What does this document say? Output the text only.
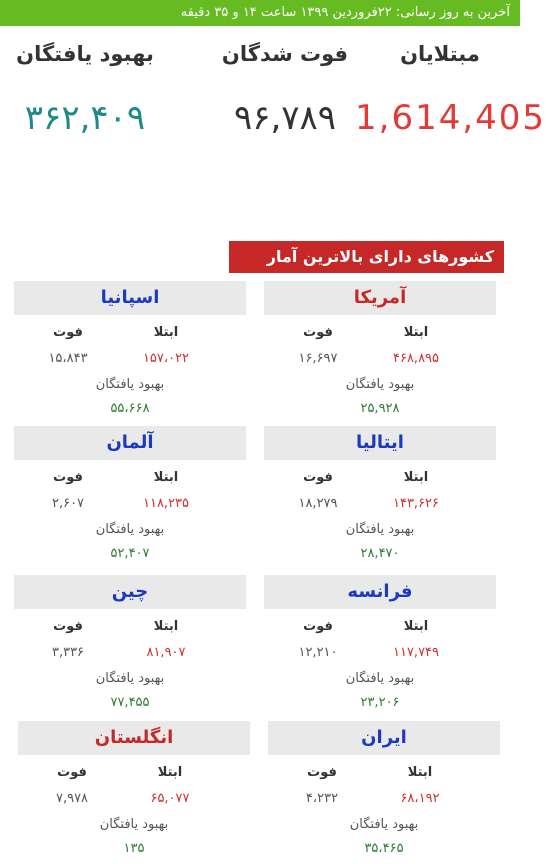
آخرین به روز رسانی: ۲۲فروردین ۱۳۹۹ ساعت ۱۴ و ۳۵ دقیقه
مبتلایان
1,614,405
فوت شدگان
۹۶,۷۸۹
بهبود یافتگان
۳۶۲,۴۰۹
کشورهای دارای بالاترین آمار
آمریکا
ابتلا
فوت
۴۶۸,۸۹۵
۱۶,۶۹۷
بهبود یافتگان
۲۵,۹۲۸
اسپانیا
ابتلا
فوت
۱۵۷،۰۲۲
۱۵،۸۴۳
بهبود یافتگان
۵۵،۶۶۸
ایتالیا
ابتلا
فوت
۱۴۳,۶۲۶
۱۸,۲۷۹
بهبود یافتگان
۲۸,۴۷۰
آلمان
ابتلا
فوت
۱۱۸,۲۳۵
۲,۶۰۷
بهبود یافتگان
۵۲,۴۰۷
فرانسه
ابتلا
فوت
۱۱۷,۷۴۹
۱۲,۲۱۰
بهبود یافتگان
۲۳,۲۰۶
چین
ابتلا
فوت
۸۱,۹۰۷
۳,۳۳۶
بهبود یافتگان
۷۷,۴۵۵
ایران
ابتلا
فوت
۶۸،۱۹۲
۴،۲۳۲
بهبود یافتگان
۳۵،۴۶۵
انگلستان
ابتلا
فوت
۶۵,۰۷۷
۷,۹۷۸
بهبود یافتگان
۱۳۵
